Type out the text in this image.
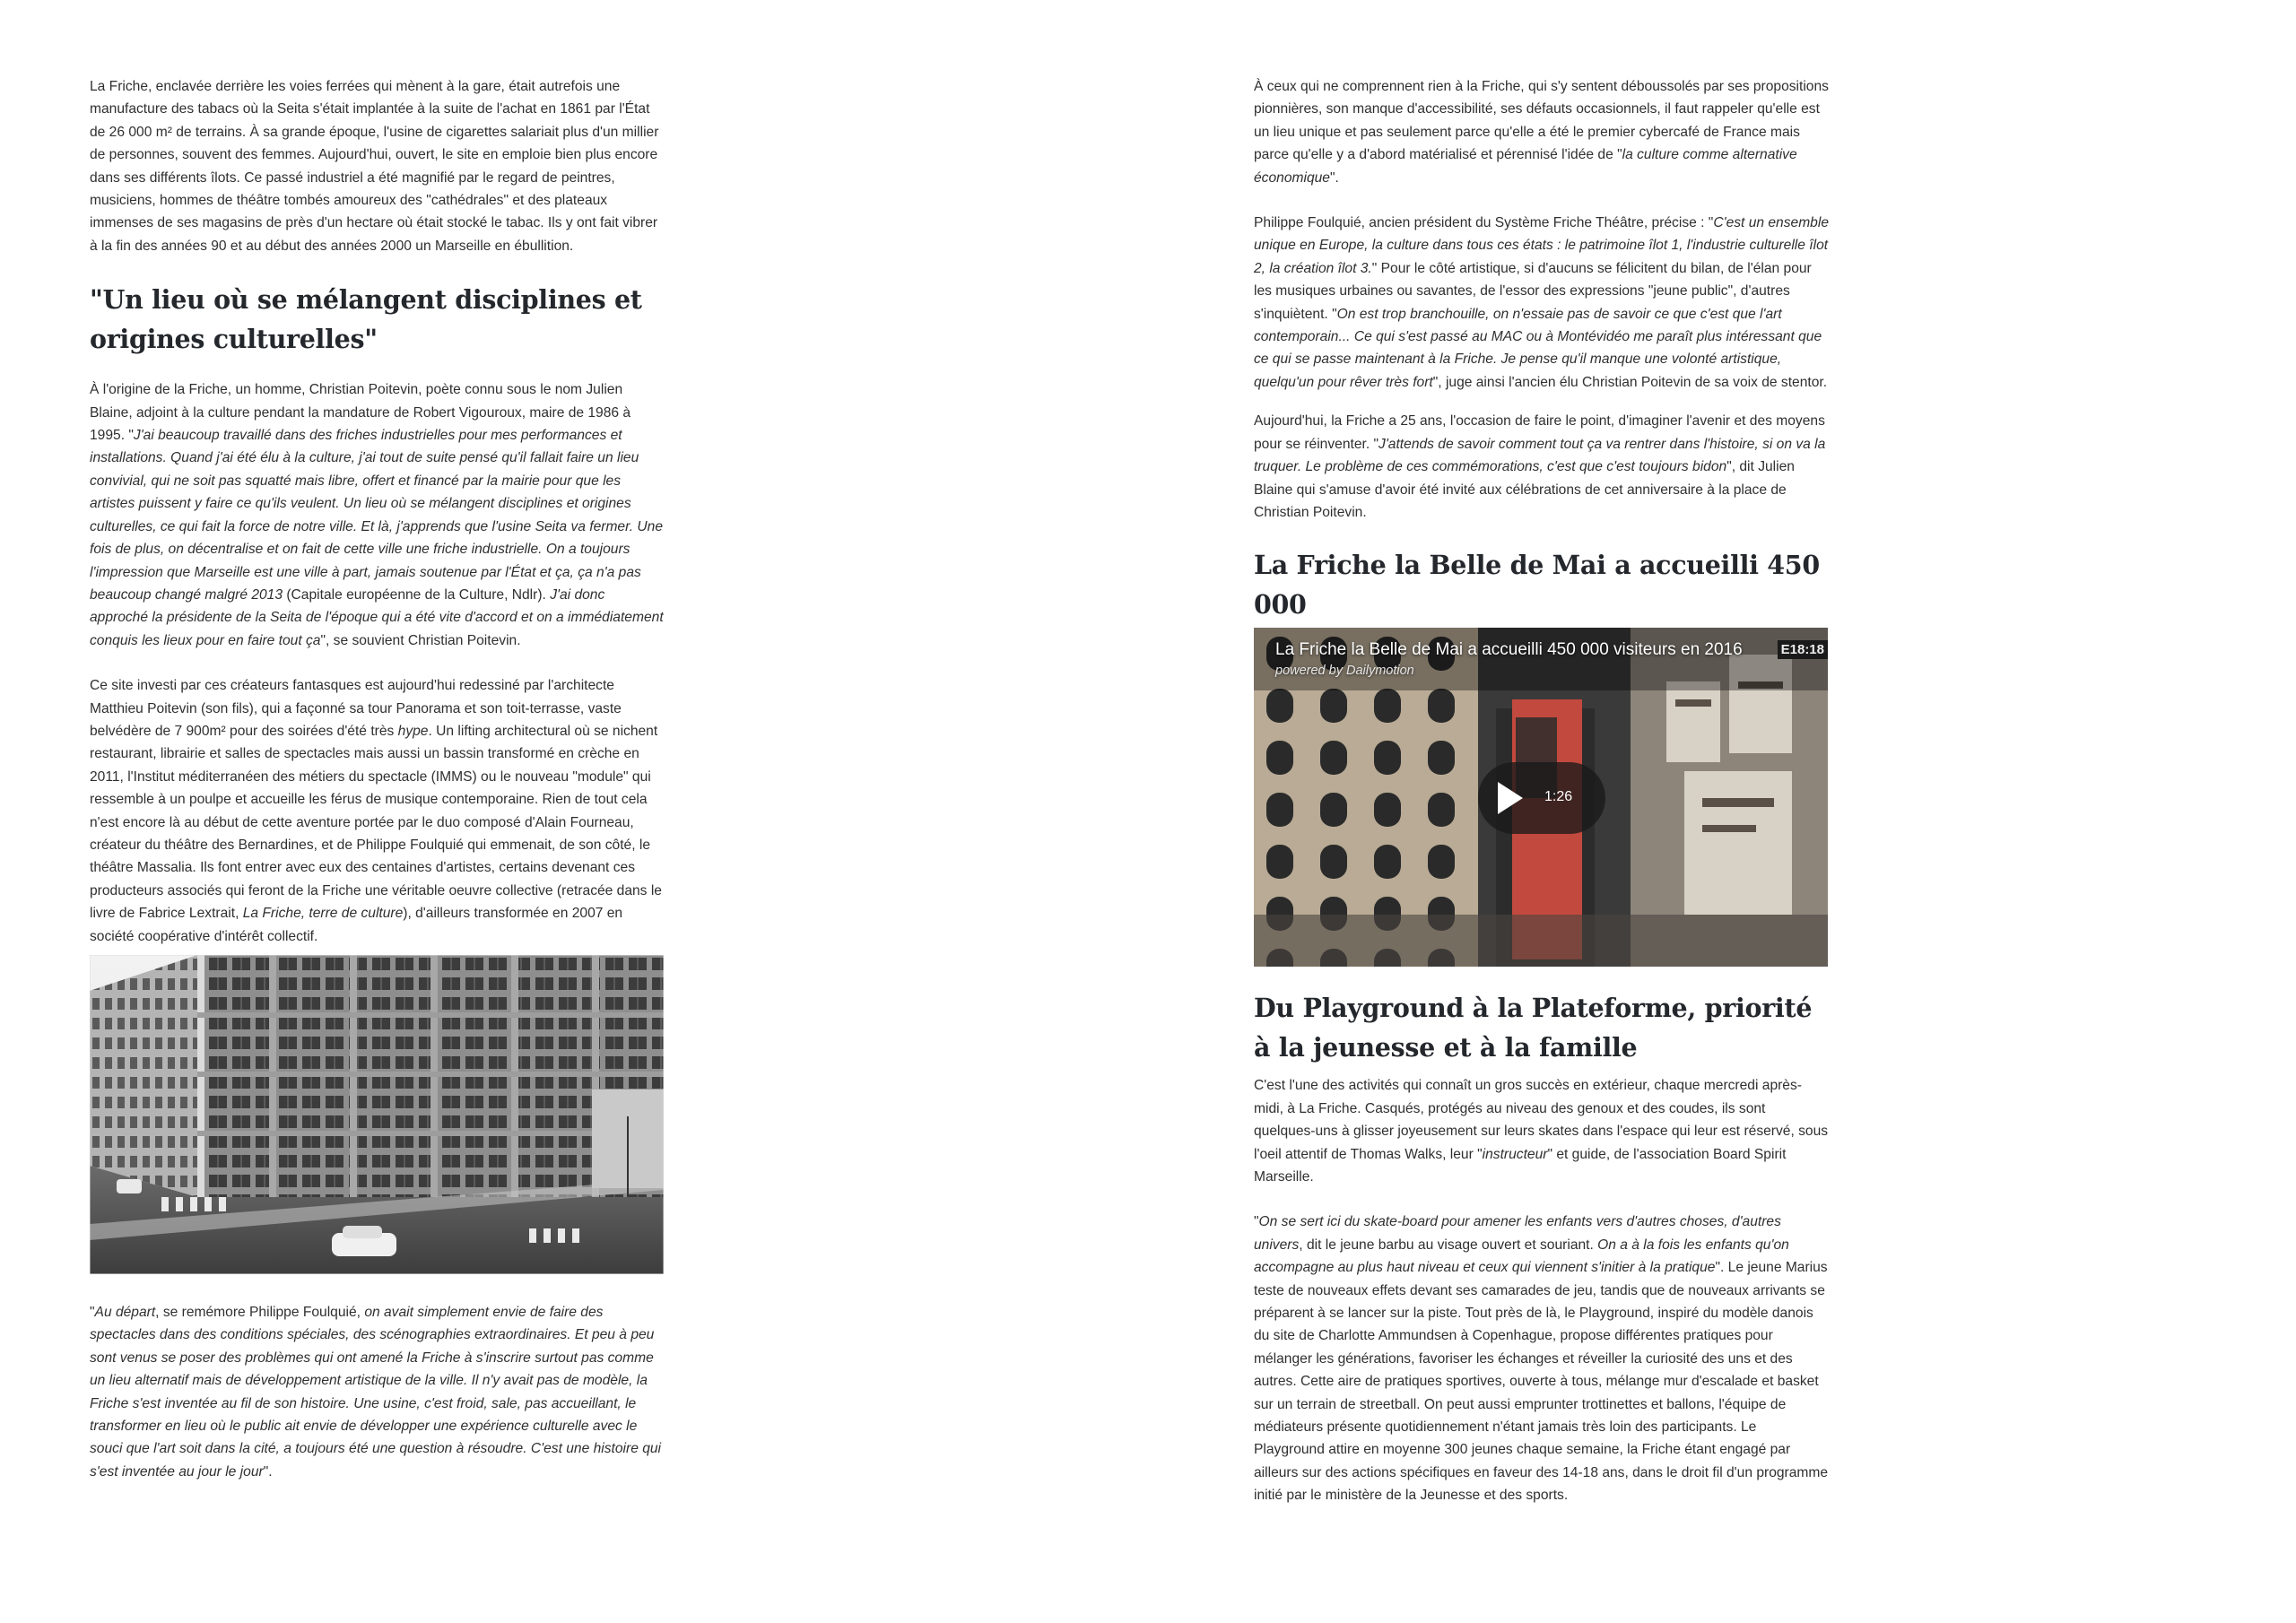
La Friche, enclavée derrière les voies ferrées qui mènent à la gare, était autrefois une manufacture des tabacs où la Seita s'était implantée à la suite de l'achat en 1861 par l'État de 26 000 m² de terrains. À sa grande époque, l'usine de cigarettes salariait plus d'un millier de personnes, souvent des femmes. Aujourd'hui, ouvert, le site en emploie bien plus encore dans ses différents îlots. Ce passé industriel a été magnifié par le regard de peintres, musiciens, hommes de théâtre tombés amoureux des "cathédrales" et des plateaux immenses de ses magasins de près d'un hectare où était stocké le tabac. Ils y ont fait vibrer à la fin des années 90 et au début des années 2000 un Marseille en ébullition.

"Un lieu où se mélangent disciplines et origines culturelles"

À l'origine de la Friche, un homme, Christian Poitevin, poète connu sous le nom Julien Blaine, adjoint à la culture pendant la mandature de Robert Vigouroux, maire de 1986 à 1995. "J'ai beaucoup travaillé dans des friches industrielles pour mes performances et installations. Quand j'ai été élu à la culture, j'ai tout de suite pensé qu'il fallait faire un lieu convivial, qui ne soit pas squatté mais libre, offert et financé par la mairie pour que les artistes puissent y faire ce qu'ils veulent. Un lieu où se mélangent disciplines et origines culturelles, ce qui fait la force de notre ville. Et là, j'apprends que l'usine Seita va fermer. Une fois de plus, on décentralise et on fait de cette ville une friche industrielle. On a toujours l'impression que Marseille est une ville à part, jamais soutenue par l'État et ça, ça n'a pas beaucoup changé malgré 2013 (Capitale européenne de la Culture, Ndlr). J'ai donc approché la présidente de la Seita de l'époque qui a été vite d'accord et on a immédiatement conquis les lieux pour en faire tout ça", se souvient Christian Poitevin.

Ce site investi par ces créateurs fantasques est aujourd'hui redessiné par l'architecte Matthieu Poitevin (son fils), qui a façonné sa tour Panorama et son toit-terrasse, vaste belvédère de 7 900m² pour des soirées d'été très hype. Un lifting architectural où se nichent restaurant, librairie et salles de spectacles mais aussi un bassin transformé en crèche en 2011, l'Institut méditerranéen des métiers du spectacle (IMMS) ou le nouveau "module" qui ressemble à un poulpe et accueille les férus de musique contemporaine. Rien de tout cela n'est encore là au début de cette aventure portée par le duo composé d'Alain Fourneau, créateur du théâtre des Bernardines, et de Philippe Foulquié qui emmenait, de son côté, le théâtre Massalia. Ils font entrer avec eux des centaines d'artistes, certains devenant ces producteurs associés qui feront de la Friche une véritable oeuvre collective (retracée dans le livre de Fabrice Lextrait, La Friche, terre de culture), d'ailleurs transformée en 2007 en société coopérative d'intérêt collectif.

"Au départ, se remémore Philippe Foulquié, on avait simplement envie de faire des spectacles dans des conditions spéciales, des scénographies extraordinaires. Et peu à peu sont venus se poser des problèmes qui ont amené la Friche à s'inscrire surtout pas comme un lieu alternatif mais de développement artistique de la ville. Il n'y avait pas de modèle, la Friche s'est inventée au fil de son histoire. Une usine, c'est froid, sale, pas accueillant, le transformer en lieu où le public ait envie de développer une expérience culturelle avec le souci que l'art soit dans la cité, a toujours été une question à résoudre. C'est une histoire qui s'est inventée au jour le jour".

À ceux qui ne comprennent rien à la Friche, qui s'y sentent déboussolés par ses propositions pionnières, son manque d'accessibilité, ses défauts occasionnels, il faut rappeler qu'elle est un lieu unique et pas seulement parce qu'elle a été le premier cybercafé de France mais parce qu'elle y a d'abord matérialisé et pérennisé l'idée de "la culture comme alternative économique".

Philippe Foulquié, ancien président du Système Friche Théâtre, précise : "C'est un ensemble unique en Europe, la culture dans tous ces états : le patrimoine îlot 1, l'industrie culturelle îlot 2, la création îlot 3." Pour le côté artistique, si d'aucuns se félicitent du bilan, de l'élan pour les musiques urbaines ou savantes, de l'essor des expressions "jeune public", d'autres s'inquiètent. "On est trop branchouille, on n'essaie pas de savoir ce que c'est que l'art contemporain... Ce qui s'est passé au MAC ou à Montévidéo me paraît plus intéressant que ce qui se passe maintenant à la Friche. Je pense qu'il manque une volonté artistique, quelqu'un pour rêver très fort", juge ainsi l'ancien élu Christian Poitevin de sa voix de stentor.

Aujourd'hui, la Friche a 25 ans, l'occasion de faire le point, d'imaginer l'avenir et des moyens pour se réinventer. "J'attends de savoir comment tout ça va rentrer dans l'histoire, si on va la truquer. Le problème de ces commémorations, c'est que c'est toujours bidon", dit Julien Blaine qui s'amuse d'avoir été invité aux célébrations de cet anniversaire à la place de Christian Poitevin.

La Friche la Belle de Mai a accueilli 450 000
La Friche la Belle de Mai a accueilli 450 000 visiteurs en 2016
powered by Dailymotion
E18:18
1:26
Du Playground à la Plateforme, priorité à la jeunesse et à la famille

C'est l'une des activités qui connaît un gros succès en extérieur, chaque mercredi après-midi, à La Friche. Casqués, protégés au niveau des genoux et des coudes, ils sont quelques-uns à glisser joyeusement sur leurs skates dans l'espace qui leur est réservé, sous l'oeil attentif de Thomas Walks, leur "instructeur" et guide, de l'association Board Spirit Marseille.

"On se sert ici du skate-board pour amener les enfants vers d'autres choses, d'autres univers, dit le jeune barbu au visage ouvert et souriant. On a à la fois les enfants qu'on accompagne au plus haut niveau et ceux qui viennent s'initier à la pratique". Le jeune Marius teste de nouveaux effets devant ses camarades de jeu, tandis que de nouveaux arrivants se préparent à se lancer sur la piste. Tout près de là, le Playground, inspiré du modèle danois du site de Charlotte Ammundsen à Copenhague, propose différentes pratiques pour mélanger les générations, favoriser les échanges et réveiller la curiosité des uns et des autres. Cette aire de pratiques sportives, ouverte à tous, mélange mur d'escalade et basket sur un terrain de streetball. On peut aussi emprunter trottinettes et ballons, l'équipe de médiateurs présente quotidiennement n'étant jamais très loin des participants. Le Playground attire en moyenne 300 jeunes chaque semaine, la Friche étant engagé par ailleurs sur des actions spécifiques en faveur des 14-18 ans, dans le droit fil d'un programme initié par le ministère de la Jeunesse et des sports.
